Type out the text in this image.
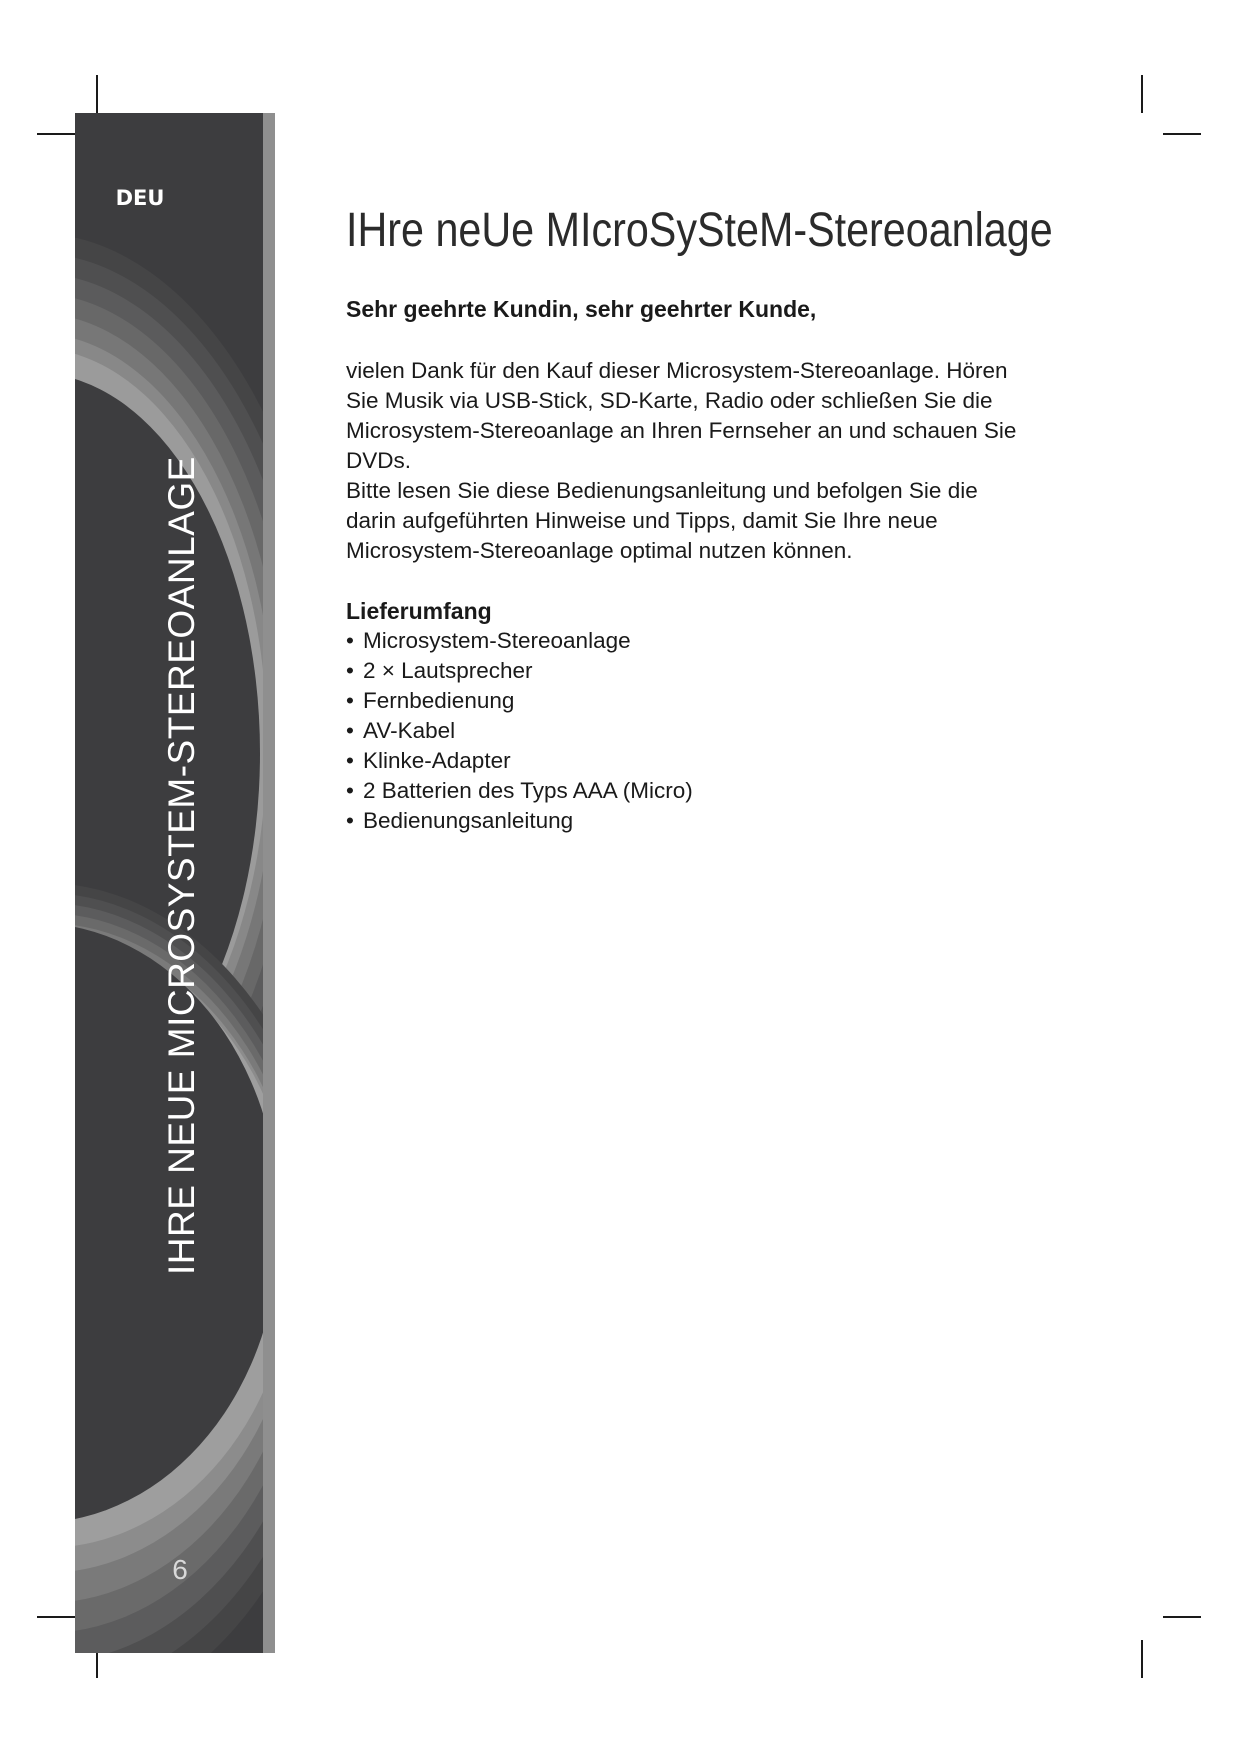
DEU
IHRE NEUE MICROSYSTEM-STEREOANLAGE
6
IHre neUe MIcroSySteM-Stereoanlage

Sehr geehrte Kundin, sehr geehrter Kunde,

vielen Dank für den Kauf dieser Microsystem-Stereoanlage. Hören
Sie Musik via USB-Stick, SD-Karte, Radio oder schließen Sie die
Microsystem-Stereoanlage an Ihren Fernseher an und schauen Sie
DVDs.
Bitte lesen Sie diese Bedienungsanleitung und befolgen Sie die
darin aufgeführten Hinweise und Tipps, damit Sie Ihre neue
Microsystem-Stereoanlage optimal nutzen können.

Lieferumfang

• Microsystem-Stereoanlage
• 2 × Lautsprecher
• Fernbedienung
• AV-Kabel
• Klinke-Adapter
• 2 Batterien des Typs AAA (Micro)
• Bedienungsanleitung
